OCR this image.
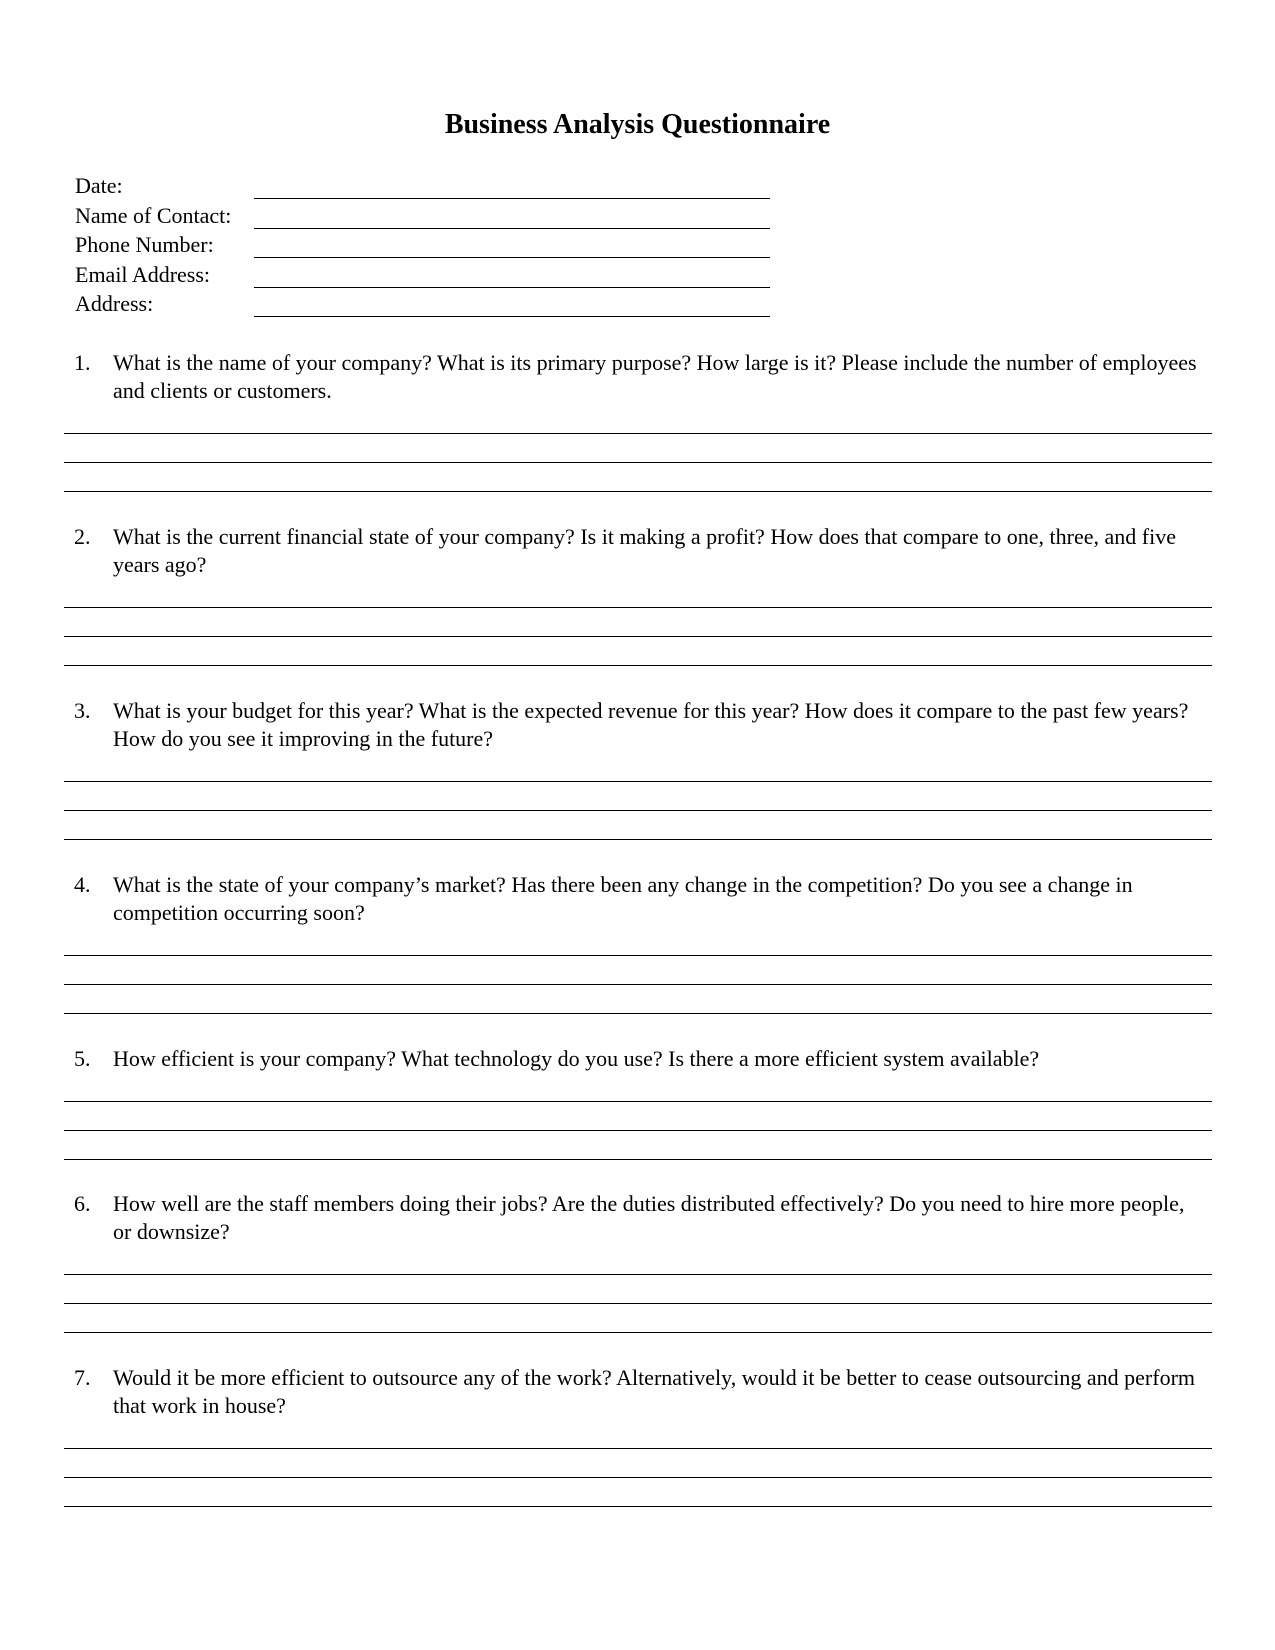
Business Analysis Questionnaire
Date:
Name of Contact:
Phone Number:
Email Address:
Address:
1. What is the name of your company? What is its primary purpose? How large is it? Please include the number of employees and clients or customers.
2. What is the current financial state of your company? Is it making a profit? How does that compare to one, three, and five years ago?
3. What is your budget for this year? What is the expected revenue for this year? How does it compare to the past few years? How do you see it improving in the future?
4. What is the state of your company’s market? Has there been any change in the competition? Do you see a change in competition occurring soon?
5. How efficient is your company? What technology do you use? Is there a more efficient system available?
6. How well are the staff members doing their jobs? Are the duties distributed effectively? Do you need to hire more people, or downsize?
7. Would it be more efficient to outsource any of the work? Alternatively, would it be better to cease outsourcing and perform that work in house?
